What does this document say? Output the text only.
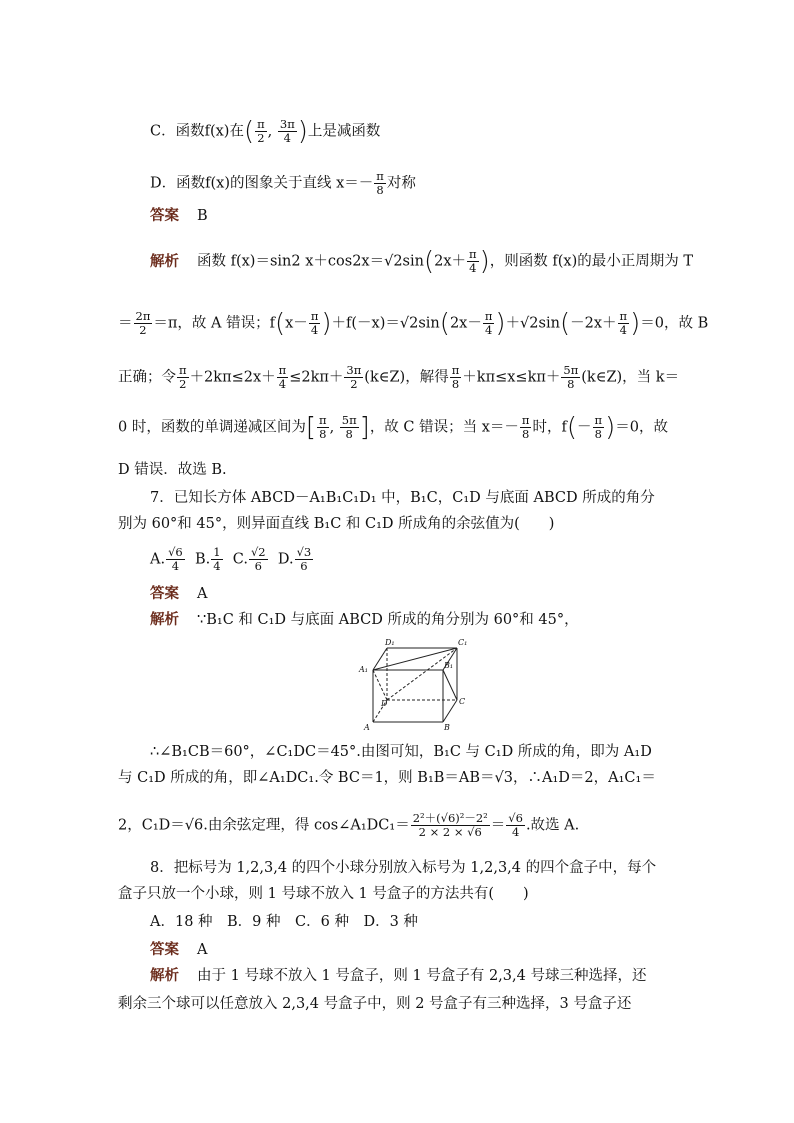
C．函数f(x)在( $\frac{\pi}{2}$ , $\frac{3\pi}{4}$ )上是减函数
D．函数f(x)的图象关于直线 $x=- \frac{\pi}{8}$ 对称
答案 B
解析 函数 f(x)＝sin2 $x+\cos 2x=√2\sin(2x+ \frac{\pi}{4}$ )，则函数 f(x)的最小正周期为 T
＝ $\frac{2\pi}{2} =\pi$，故 A 错误；$f(x- \frac{\pi}{4} )+f(-x)=√2\sin(2x- \frac{\pi}{4} )+√2\sin(-2x+ \frac{\pi}{4} )=0$，故 B
正确；令 $\frac{\pi}{2} +2k\pi\le 2x+ \frac{\pi}{4} \le 2k\pi+ \frac{3\pi}{2}$ (k∈Z)，解得 $\frac{\pi}{8} +k\pi\le x\le k\pi+ \frac{5\pi}{8}$ (k∈Z)，当 k＝
0 时，函数的单调递减区间为[ $\frac{\pi}{8}$ , $\frac{5\pi}{8}$ ]，故 C 错误；当 $x=- \frac{\pi}{8}$ 时，$f(- \frac{\pi}{8} )=0$，故
D 错误．故选 B.
7．已知长方体 ABCD－A₁B₁C₁D₁ 中，B₁C，C₁D 与底面 ABCD 所成的角分
别为 60°和 45°，则异面直线 B₁C 和 C₁D 所成角的余弦值为(　　)
A. $\frac{√6}{4} B$. $\frac{1}{4} C$. $\frac{√2}{6} D$. $\frac{√3}{6}$
答案 A
解析 ∵B₁C 和 C₁D 与底面 ABCD 所成的角分别为 60°和 45°，
D₁	C₁
A₁	B₁
D	C
A	B
∴∠B₁CB＝60°，∠C₁DC＝45°.由图可知，B₁C 与 C₁D 所成的角，即为 A₁D
与 C₁D 所成的角，即∠A₁DC₁.令 BC＝1，则 B₁B＝AB＝√3，∴A₁D＝2，A₁C₁＝
2，C₁D＝√6.由余弦定理，得 cos∠A₁DC₁＝ $\frac{\text{2²＋(√6)²－2²}}{2 \times 2 \times √6} = \frac{√6}{4}$ .故选 A.
8．把标号为 1,2,3,4 的四个小球分别放入标号为 1,2,3,4 的四个盒子中，每个
盒子只放一个小球，则 1 号球不放入 1 号盒子的方法共有(　　)
A．18 种　B．9 种　C．6 种　D．3 种
答案 A
解析 由于 1 号球不放入 1 号盒子，则 1 号盒子有 2,3,4 号球三种选择，还
剩余三个球可以任意放入 2,3,4 号盒子中，则 2 号盒子有三种选择，3 号盒子还
